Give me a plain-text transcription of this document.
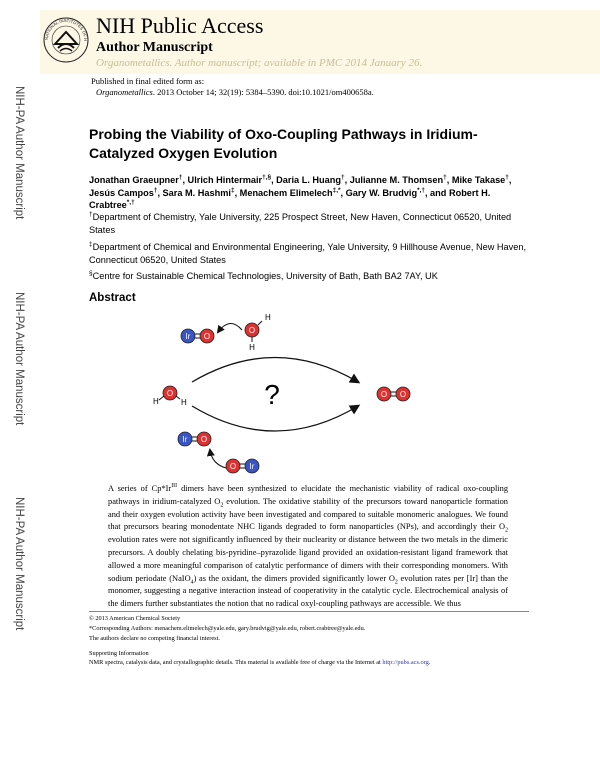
NATIONAL INSTITUTES OF H
NIH Public Access
Author Manuscript
Organometallics. Author manuscript; available in PMC 2014 January 26.
Published in final edited form as:
Organometallics. 2013 October 14; 32(19): 5384–5390. doi:10.1021/om400658a.
NIH-PA Author Manuscript
NIH-PA Author Manuscript
NIH-PA Author Manuscript
Probing the Viability of Oxo-Coupling Pathways in Iridium-Catalyzed Oxygen Evolution
Jonathan Graeupner†, Ulrich Hintermair†,§, Daria L. Huang†, Julianne M. Thomsen†, Mike Takase†, Jesús Campos†, Sara M. Hashmi‡, Menachem Elimelech‡,*, Gary W. Brudvig*,†, and Robert H. Crabtree*,†
†Department of Chemistry, Yale University, 225 Prospect Street, New Haven, Connecticut 06520, United States
‡Department of Chemical and Environmental Engineering, Yale University, 9 Hillhouse Avenue, New Haven, Connecticut 06520, United States
§Centre for Sustainable Chemical Technologies, University of Bath, Bath BA2 7AY, UK
Abstract
Ir O
O
H
H
H
O
H	?	O O
Ir O
O Ir
A series of $Cp*Ir^{III}$ dimers have been synthesized to elucidate the mechanistic viability of radical oxo-coupling pathways in iridium-catalyzed $O_2$ evolution. The oxidative stability of the precursors toward nanoparticle formation and their oxygen evolution activity have been investigated and compared to suitable monomeric analogues. We found that precursors bearing monodentate NHC ligands degraded to form nanoparticles (NPs), and accordingly their $O_2$ evolution rates were not significantly influenced by their nuclearity or distance between the two metals in the dimeric precursors. A doubly chelating bis-pyridine–pyrazolide ligand provided an oxidation-resistant ligand framework that allowed a more meaningful comparison of catalytic performance of dimers with their corresponding monomers. With sodium periodate (NaIO$_4$) as the oxidant, the dimers provided significantly lower $O_2$ evolution rates per [Ir] than the monomer, suggesting a negative interaction instead of cooperativity in the catalytic cycle. Electrochemical analysis of the dimers further substantiates the notion that no radical oxyl-coupling pathways are accessible. We thus
© 2013 American Chemical Society
*Corresponding Authors: menachem.elimelech@yale.edu, gary.brudvig@yale.edu, robert.crabtree@yale.edu.
The authors declare no competing financial interest.
Supporting Information
NMR spectra, catalysis data, and crystallographic details. This material is available free of charge via the Internet at http://pubs.acs.org.
